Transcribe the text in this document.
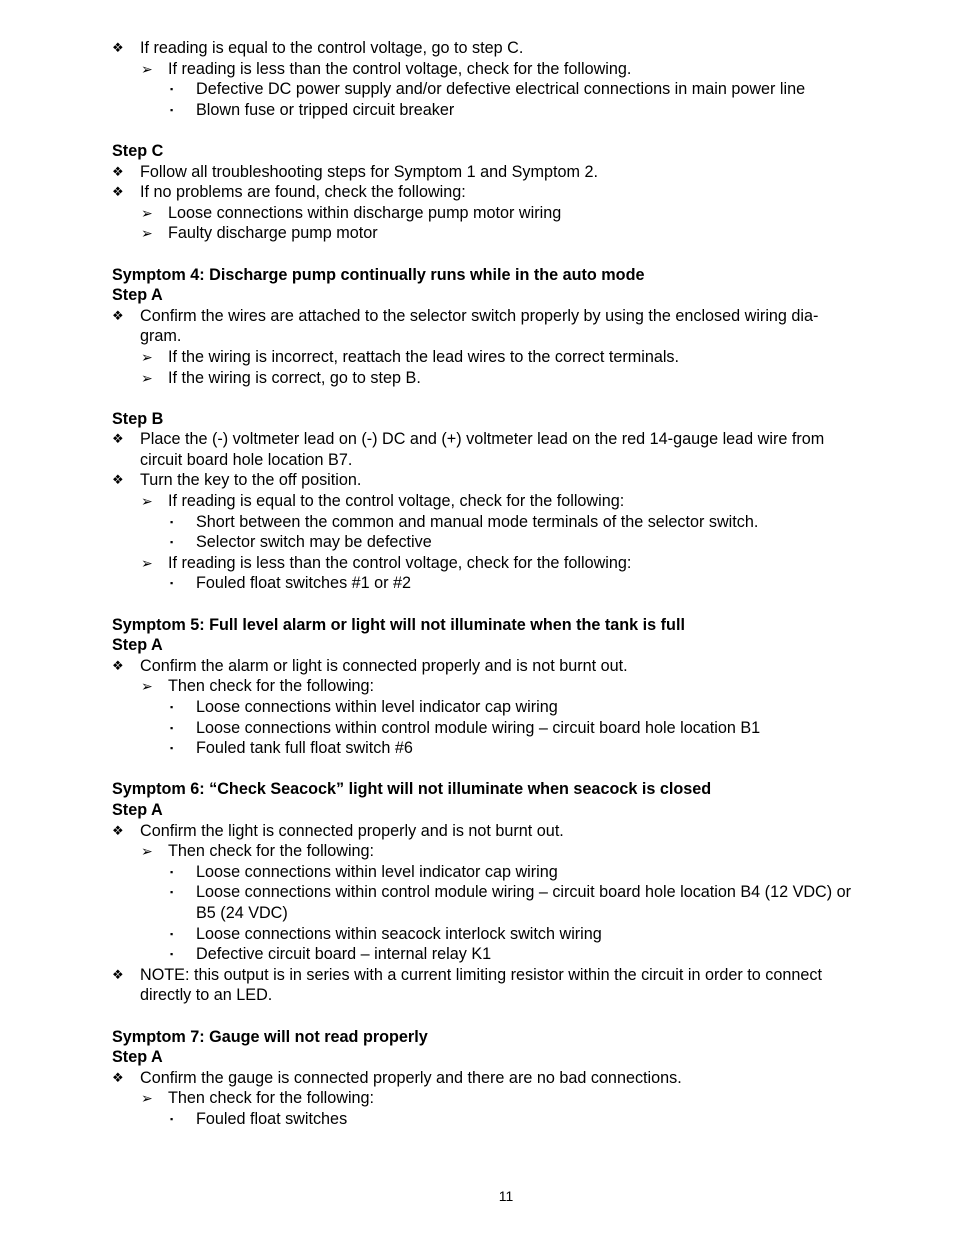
❖ If reading is equal to the control voltage, go to step C.
➢ If reading is less than the control voltage, check for the following.
▪ Defective DC power supply and/or defective electrical connections in main power line
▪ Blown fuse or tripped circuit breaker
Step C
❖ Follow all troubleshooting steps for Symptom 1 and Symptom 2.
❖ If no problems are found, check the following:
➢ Loose connections within discharge pump motor wiring
➢ Faulty discharge pump motor
Symptom 4: Discharge pump continually runs while in the auto mode
Step A
❖ Confirm the wires are attached to the selector switch properly by using the enclosed wiring dia-
gram.
➢ If the wiring is incorrect, reattach the lead wires to the correct terminals.
➢ If the wiring is correct, go to step B.
Step B
❖ Place the (-) voltmeter lead on (-) DC and (+) voltmeter lead on the red 14-gauge lead wire from
circuit board hole location B7.
❖ Turn the key to the off position.
➢ If reading is equal to the control voltage, check for the following:
▪ Short between the common and manual mode terminals of the selector switch.
▪ Selector switch may be defective
➢ If reading is less than the control voltage, check for the following:
▪ Fouled float switches #1 or #2
Symptom 5: Full level alarm or light will not illuminate when the tank is full
Step A
❖ Confirm the alarm or light is connected properly and is not burnt out.
➢ Then check for the following:
▪ Loose connections within level indicator cap wiring
▪ Loose connections within control module wiring – circuit board hole location B1
▪ Fouled tank full float switch #6
Symptom 6: “Check Seacock” light will not illuminate when seacock is closed
Step A
❖ Confirm the light is connected properly and is not burnt out.
➢ Then check for the following:
▪ Loose connections within level indicator cap wiring
▪ Loose connections within control module wiring – circuit board hole location B4 (12 VDC) or
B5 (24 VDC)
▪ Loose connections within seacock interlock switch wiring
▪ Defective circuit board – internal relay K1
❖ NOTE: this output is in series with a current limiting resistor within the circuit in order to connect
directly to an LED.
Symptom 7: Gauge will not read properly
Step A
❖ Confirm the gauge is connected properly and there are no bad connections.
➢ Then check for the following:
▪ Fouled float switches
11
